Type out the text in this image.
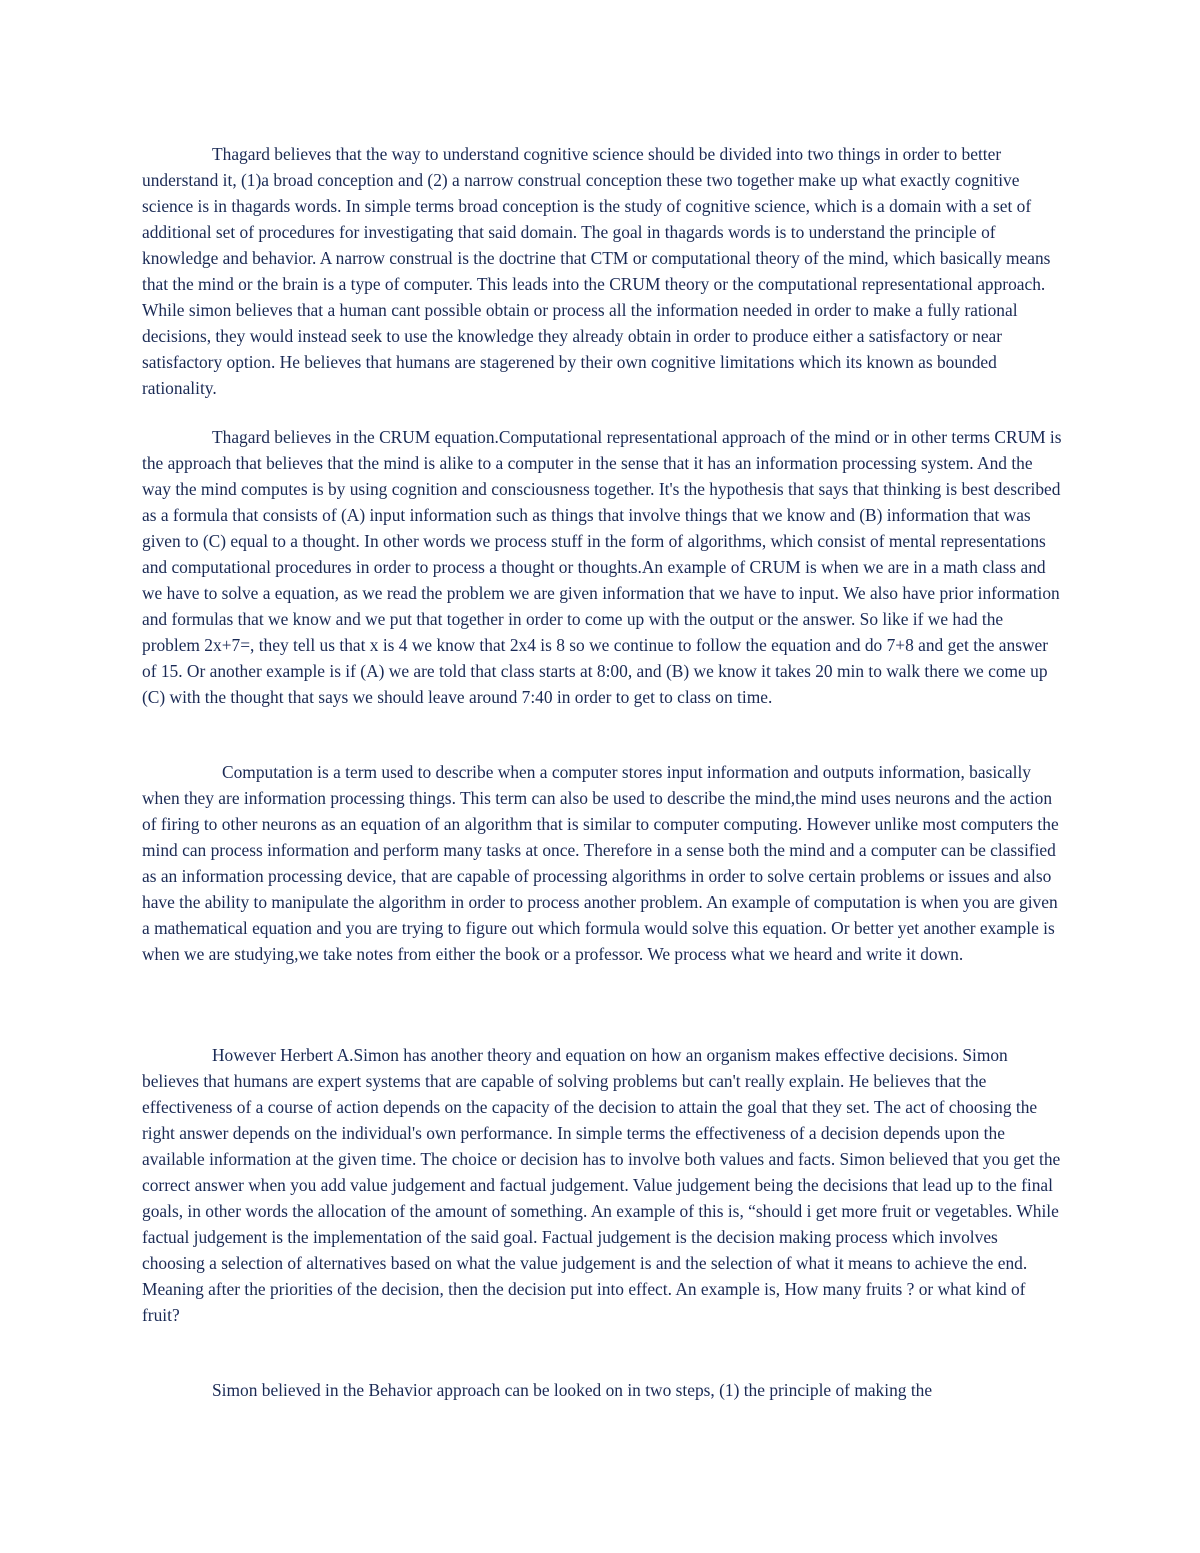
Thagard believes that the way to understand cognitive science should be divided into two things in order to better understand it, (1)a broad conception and (2) a narrow construal conception these two together make up what exactly cognitive science is in thagards words. In simple terms broad conception is the study of cognitive science, which is a domain with a set of additional set of procedures for investigating that said domain. The goal in thagards words is to understand the principle of knowledge and behavior. A narrow construal is the doctrine that CTM or computational theory of the mind, which basically means that the mind or the brain is a type of computer. This leads into the CRUM theory or the computational representational approach. While simon believes that a human cant possible obtain or process all the information needed in order to make a fully rational decisions, they would instead seek to use the knowledge they already obtain in order to produce either a satisfactory or near satisfactory option. He believes that humans are stagerened by their own cognitive limitations which its known as bounded rationality.

Thagard believes in the CRUM equation.Computational representational approach of the mind or in other terms CRUM is the approach that believes that the mind is alike to a computer in the sense that it has an information processing system. And the way the mind computes is by using cognition and consciousness together. It's the hypothesis that says that thinking is best described as a formula that consists of (A) input information such as things that involve things that we know and (B) information that was given to (C) equal to a thought. In other words we process stuff in the form of algorithms, which consist of mental representations and computational procedures in order to process a thought or thoughts.An example of CRUM is when we are in a math class and we have to solve a equation, as we read the problem we are given information that we have to input. We also have prior information and formulas that we know and we put that together in order to come up with the output or the answer. So like if we had the problem 2x+7=, they tell us that x is 4 we know that 2x4 is 8 so we continue to follow the equation and do 7+8 and get the answer of 15. Or another example is if (A) we are told that class starts at 8:00, and (B) we know it takes 20 min to walk there we come up (C) with the thought that says we should leave around 7:40 in order to get to class on time.

Computation is a term used to describe when a computer stores input information and outputs information, basically when they are information processing things. This term can also be used to describe the mind,the mind uses neurons and the action of firing to other neurons as an equation of an algorithm that is similar to computer computing. However unlike most computers the mind can process information and perform many tasks at once. Therefore in a sense both the mind and a computer can be classified as an information processing device, that are capable of processing algorithms in order to solve certain problems or issues and also have the ability to manipulate the algorithm in order to process another problem. An example of computation is when you are given a mathematical equation and you are trying to figure out which formula would solve this equation. Or better yet another example is when we are studying,we take notes from either the book or a professor. We process what we heard and write it down.

However Herbert A.Simon has another theory and equation on how an organism makes effective decisions. Simon believes that humans are expert systems that are capable of solving problems but can't really explain. He believes that the effectiveness of a course of action depends on the capacity of the decision to attain the goal that they set. The act of choosing the right answer depends on the individual's own performance. In simple terms the effectiveness of a decision depends upon the available information at the given time. The choice or decision has to involve both values and facts. Simon believed that you get the correct answer when you add value judgement and factual judgement. Value judgement being the decisions that lead up to the final goals, in other words the allocation of the amount of something. An example of this is, “should i get more fruit or vegetables. While factual judgement is the implementation of the said goal. Factual judgement is the decision making process which involves choosing a selection of alternatives based on what the value judgement is and the selection of what it means to achieve the end. Meaning after the priorities of the decision, then the decision put into effect. An example is, How many fruits ? or what kind of fruit?

Simon believed in the Behavior approach can be looked on in two steps, (1) the principle of making the
